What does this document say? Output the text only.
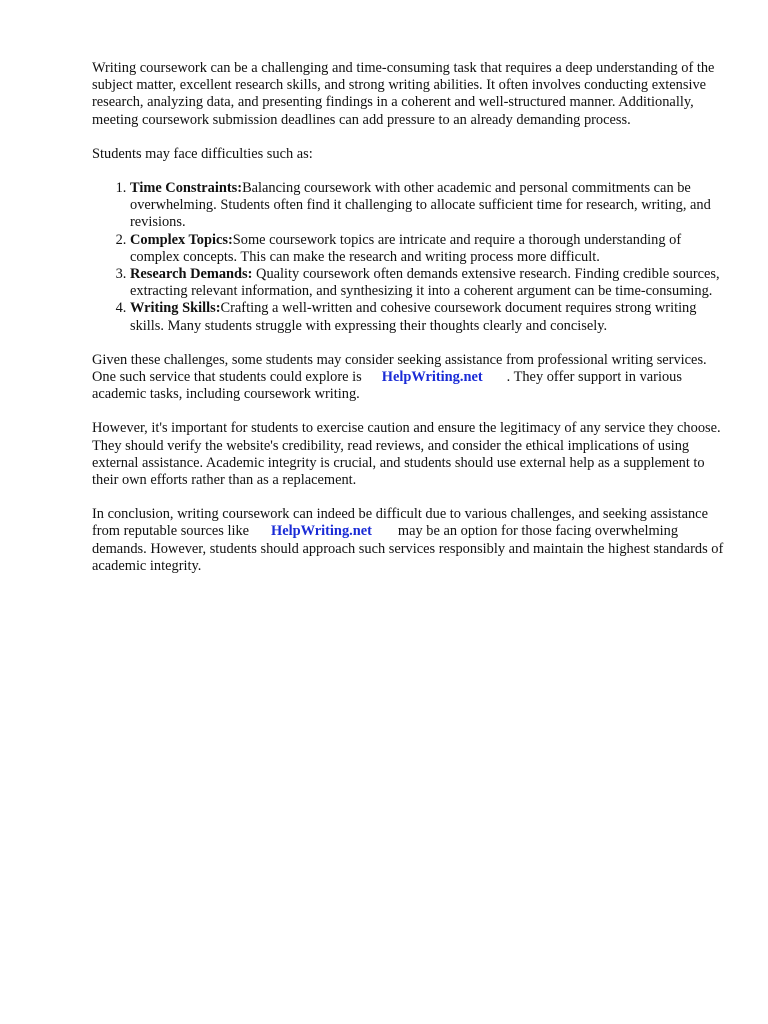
Writing coursework can be a challenging and time-consuming task that requires a deep understanding of the subject matter, excellent research skills, and strong writing abilities. It often involves conducting extensive research, analyzing data, and presenting findings in a coherent and well-structured manner. Additionally, meeting coursework submission deadlines can add pressure to an already demanding process.

Students may face difficulties such as:

1. Time Constraints:Balancing coursework with other academic and personal commitments can be overwhelming. Students often find it challenging to allocate sufficient time for research, writing, and revisions.
2. Complex Topics:Some coursework topics are intricate and require a thorough understanding of complex concepts. This can make the research and writing process more difficult.
3. Research Demands: Quality coursework often demands extensive research. Finding credible sources, extracting relevant information, and synthesizing it into a coherent argument can be time-consuming.
4. Writing Skills:Crafting a well-written and cohesive coursework document requires strong writing skills. Many students struggle with expressing their thoughts clearly and concisely.

Given these challenges, some students may consider seeking assistance from professional writing services. One such service that students could explore is HelpWriting.net . They offer support in various academic tasks, including coursework writing.

However, it's important for students to exercise caution and ensure the legitimacy of any service they choose. They should verify the website's credibility, read reviews, and consider the ethical implications of using external assistance. Academic integrity is crucial, and students should use external help as a supplement to their own efforts rather than as a replacement.

In conclusion, writing coursework can indeed be difficult due to various challenges, and seeking assistance from reputable sources like HelpWriting.net may be an option for those facing overwhelming demands. However, students should approach such services responsibly and maintain the highest standards of academic integrity.
